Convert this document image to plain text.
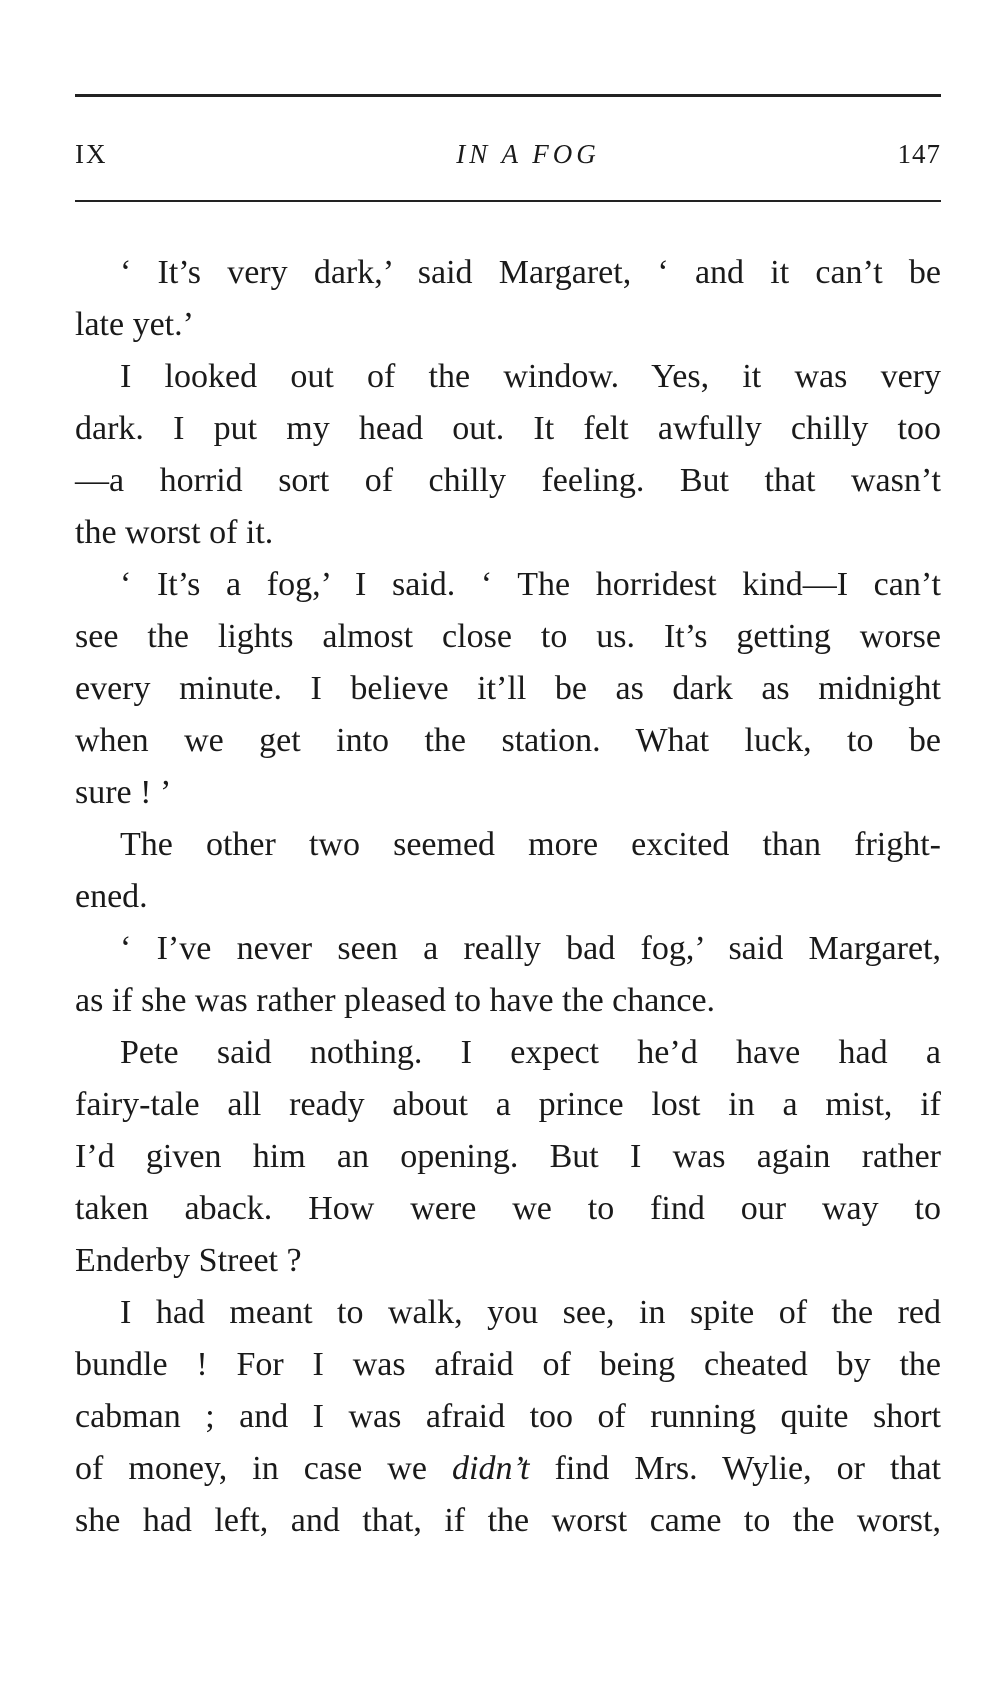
IX	IN A FOG	147
‘ It’s very dark,’ said Margaret, ‘ and it can’t be
late yet.’
I looked out of the window. Yes, it was very
dark. I put my head out. It felt awfully chilly too
—a horrid sort of chilly feeling. But that wasn’t
the worst of it.
‘ It’s a fog,’ I said. ‘ The horridest kind—I can’t
see the lights almost close to us. It’s getting worse
every minute. I believe it’ll be as dark as midnight
when we get into the station. What luck, to be
sure ! ’
The other two seemed more excited than fright-
ened.
‘ I’ve never seen a really bad fog,’ said Margaret,
as if she was rather pleased to have the chance.
Pete said nothing. I expect he’d have had a
fairy-tale all ready about a prince lost in a mist, if
I’d given him an opening. But I was again rather
taken aback. How were we to find our way to
Enderby Street ?
I had meant to walk, you see, in spite of the red
bundle ! For I was afraid of being cheated by the
cabman ; and I was afraid too of running quite short
of money, in case we didn’t find Mrs. Wylie, or that
she had left, and that, if the worst came to the worst,
